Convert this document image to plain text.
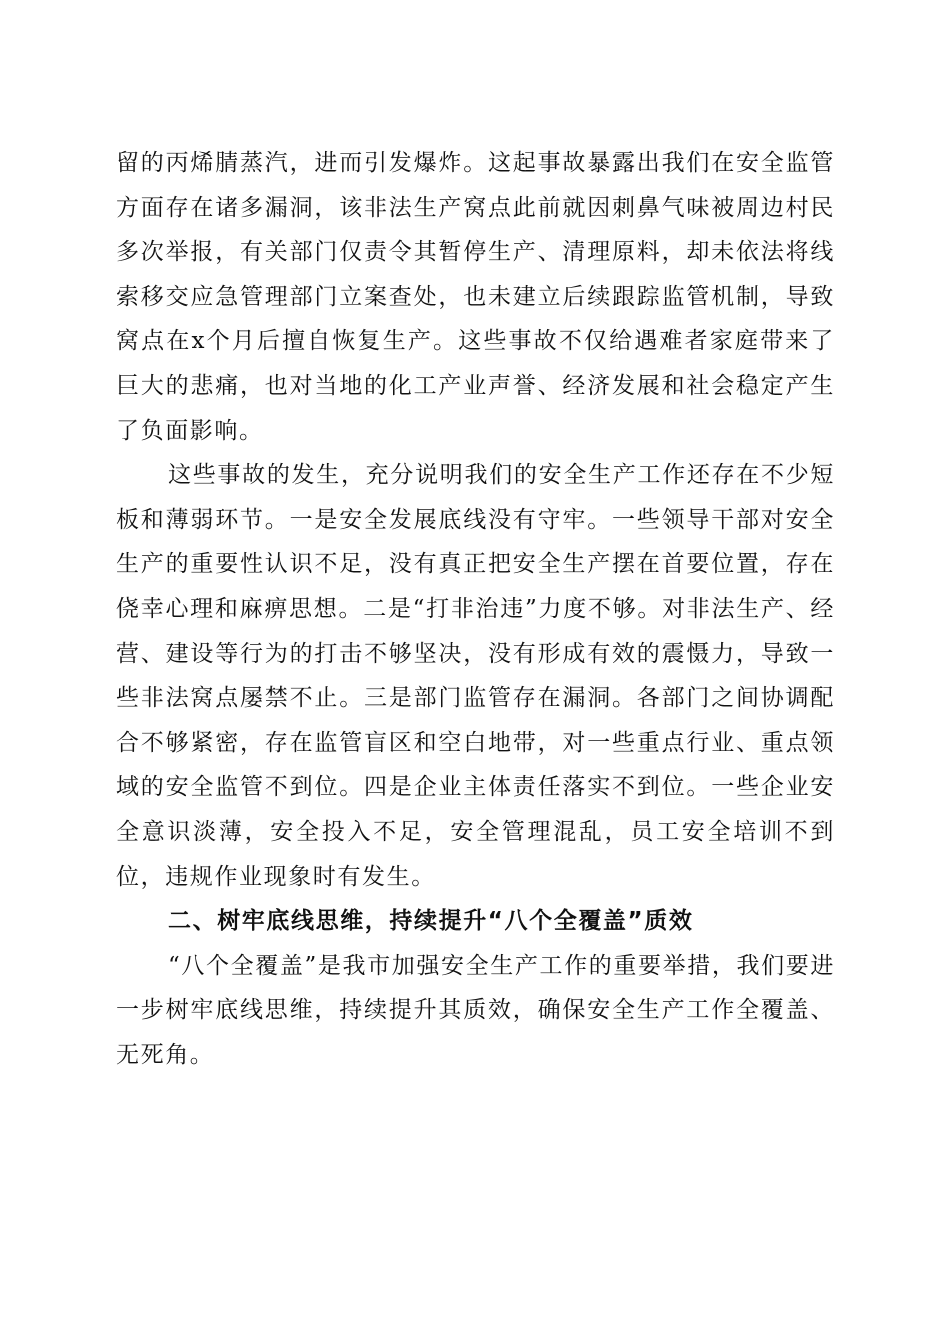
留的丙烯腈蒸汽，进而引发爆炸。这起事故暴露出我们在安全监管方面存在诸多漏洞，该非法生产窝点此前就因刺鼻气味被周边村民多次举报，有关部门仅责令其暂停生产、清理原料，却未依法将线索移交应急管理部门立案查处，也未建立后续跟踪监管机制，导致窝点在x个月后擅自恢复生产。这些事故不仅给遇难者家庭带来了巨大的悲痛，也对当地的化工产业声誉、经济发展和社会稳定产生了负面影响。

这些事故的发生，充分说明我们的安全生产工作还存在不少短板和薄弱环节。一是安全发展底线没有守牢。一些领导干部对安全生产的重要性认识不足，没有真正把安全生产摆在首要位置，存在侥幸心理和麻痹思想。二是“打非治违”力度不够。对非法生产、经营、建设等行为的打击不够坚决，没有形成有效的震慑力，导致一些非法窝点屡禁不止。三是部门监管存在漏洞。各部门之间协调配合不够紧密，存在监管盲区和空白地带，对一些重点行业、重点领域的安全监管不到位。四是企业主体责任落实不到位。一些企业安全意识淡薄，安全投入不足，安全管理混乱，员工安全培训不到位，违规作业现象时有发生。

二、树牢底线思维，持续提升“八个全覆盖”质效

“八个全覆盖”是我市加强安全生产工作的重要举措，我们要进一步树牢底线思维，持续提升其质效，确保安全生产工作全覆盖、无死角。
